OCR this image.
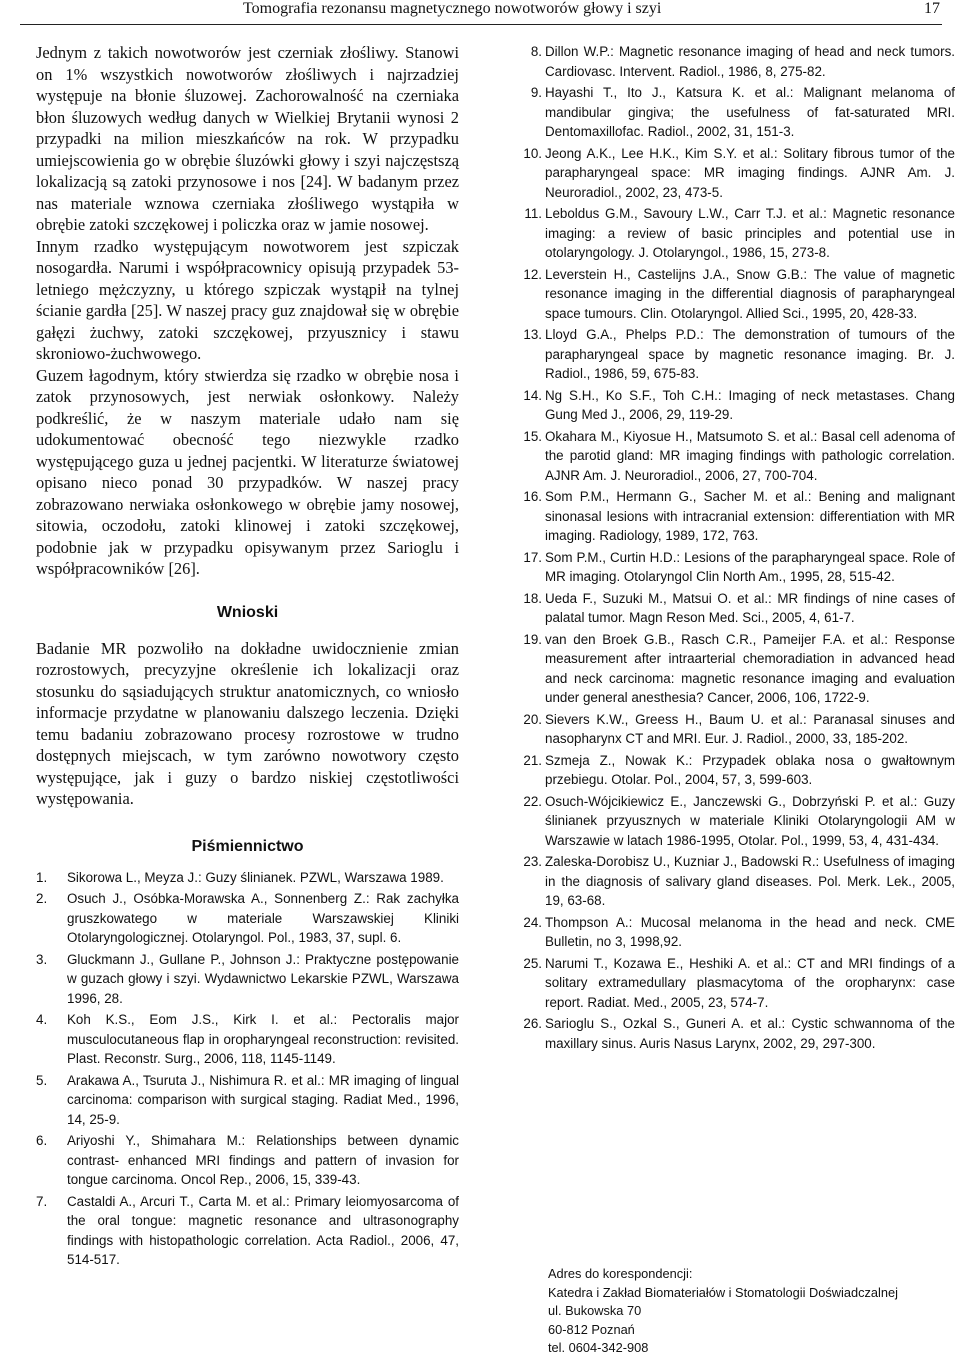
Tomografia rezonansu magnetycznego nowotworów głowy i szyi	17

Jednym z takich nowotworów jest czerniak złośliwy. Stanowi on 1% wszystkich nowotworów złośliwych i najrzadziej występuje na błonie śluzowej. Zachorowalność na czerniaka błon śluzowych według danych w Wielkiej Brytanii wynosi 2 przypadki na milion mieszkańców na rok. W przypadku umiejscowienia go w obrębie śluzówki głowy i szyi najczęstszą lokalizacją są zatoki przynosowe i nos [24]. W badanym przez nas materiale wznowa czerniaka złośliwego wystąpiła w obrębie zatoki szczękowej i policzka oraz w jamie nosowej.

Innym rzadko występującym nowotworem jest szpiczak nosogardła. Narumi i współpracownicy opisują przypadek 53-letniego mężczyzny, u którego szpiczak wystąpił na tylnej ścianie gardła [25]. W naszej pracy guz znajdował się w obrębie gałęzi żuchwy, zatoki szczękowej, przyusznicy i stawu skroniowo-żuchwowego.

Guzem łagodnym, który stwierdza się rzadko w obrębie nosa i zatok przynosowych, jest nerwiak osłonkowy. Należy podkreślić, że w naszym materiale udało nam się udokumentować obecność tego niezwykle rzadko występującego guza u jednej pacjentki. W literaturze światowej opisano nieco ponad 30 przypadków. W naszej pracy zobrazowano nerwiaka osłonkowego w obrębie jamy nosowej, sitowia, oczodołu, zatoki klinowej i zatoki szczękowej, podobnie jak w przypadku opisywanym przez Sarioglu i współpracowników [26].

Wnioski

Badanie MR pozwoliło na dokładne uwidocznienie zmian rozrostowych, precyzyjne określenie ich lokalizacji oraz stosunku do sąsiadujących struktur anatomicznych, co wniosło informacje przydatne w planowaniu dalszego leczenia. Dzięki temu badaniu zobrazowano procesy rozrostowe w trudno dostępnych miejscach, w tym zarówno nowotwory często występujące, jak i guzy o bardzo niskiej częstotliwości występowania.

Piśmiennictwo
1.	Sikorowa L., Meyza J.: Guzy ślinianek. PZWL, Warszawa 1989.
2.	Osuch J., Osóbka-Morawska A., Sonnenberg Z.: Rak zachyłka gruszkowatego w materiale Warszawskiej Kliniki Otolaryngologicznej. Otolaryngol. Pol., 1983, 37, supl. 6.
3.	Gluckmann J., Gullane P., Johnson J.: Praktyczne postępowanie w guzach głowy i szyi. Wydawnictwo Lekarskie PZWL, Warszawa 1996, 28.
4.	Koh K.S., Eom J.S., Kirk I. et al.: Pectoralis major musculocutaneous flap in oropharyngeal reconstruction: revisited. Plast. Reconstr. Surg., 2006, 118, 1145-1149.
5.	Arakawa A., Tsuruta J., Nishimura R. et al.: MR imaging of lingual carcinoma: comparison with surgical staging. Radiat Med., 1996, 14, 25-9.
6.	Ariyoshi Y., Shimahara M.: Relationships between dynamic contrast- enhanced MRI findings and pattern of invasion for tongue carcinoma. Oncol Rep., 2006, 15, 339-43.
7.	Castaldi A., Arcuri T., Carta M. et al.: Primary leiomyosarcoma of the oral tongue: magnetic resonance and ultrasonography findings with histopathologic correlation. Acta Radiol., 2006, 47, 514-517.
8. Dillon W.P.: Magnetic resonance imaging of head and neck tumors. Cardiovasc. Intervent. Radiol., 1986, 8, 275-82.
9. Hayashi T., Ito J., Katsura K. et al.: Malignant melanoma of mandibular gingiva; the usefulness of fat-saturated MRI. Dentomaxillofac. Radiol., 2002, 31, 151-3.
10. Jeong A.K., Lee H.K., Kim S.Y. et al.: Solitary fibrous tumor of the parapharyngeal space: MR imaging findings. AJNR Am. J. Neuroradiol., 2002, 23, 473-5.
11. Leboldus G.M., Savoury L.W., Carr T.J. et al.: Magnetic resonance imaging: a review of basic principles and potential use in otolaryngology. J. Otolaryngol., 1986, 15, 273-8.
12. Leverstein H., Castelijns J.A., Snow G.B.: The value of magnetic resonance imaging in the differential diagnosis of parapharyngeal space tumours. Clin. Otolaryngol. Allied Sci., 1995, 20, 428-33.
13. Lloyd G.A., Phelps P.D.: The demonstration of tumours of the parapharyngeal space by magnetic resonance imaging. Br. J. Radiol., 1986, 59, 675-83.
14. Ng S.H., Ko S.F., Toh C.H.: Imaging of neck metastases. Chang Gung Med J., 2006, 29, 119-29.
15. Okahara M., Kiyosue H., Matsumoto S. et al.: Basal cell adenoma of the parotid gland: MR imaging findings with pathologic correlation. AJNR Am. J. Neuroradiol., 2006, 27, 700-704.
16. Som P.M., Hermann G., Sacher M. et al.: Bening and malignant sinonasal lesions with intracranial extension: differentiation with MR imaging. Radiology, 1989, 172, 763.
17. Som P.M., Curtin H.D.: Lesions of the parapharyngeal space. Role of MR imaging. Otolaryngol Clin North Am., 1995, 28, 515-42.
18. Ueda F., Suzuki M., Matsui O. et al.: MR findings of nine cases of palatal tumor. Magn Reson Med. Sci., 2005, 4, 61-7.
19. van den Broek G.B., Rasch C.R., Pameijer F.A. et al.: Response measurement after intraarterial chemoradiation in advanced head and neck carcinoma: magnetic resonance imaging and evaluation under general anesthesia? Cancer, 2006, 106, 1722-9.
20. Sievers K.W., Greess H., Baum U. et al.: Paranasal sinuses and nasopharynx CT and MRI. Eur. J. Radiol., 2000, 33, 185-202.
21. Szmeja Z., Nowak K.: Przypadek oblaka nosa o gwałtownym przebiegu. Otolar. Pol., 2004, 57, 3, 599-603.
22. Osuch-Wójcikiewicz E., Janczewski G., Dobrzyński P. et al.: Guzy ślinianek przyusznych w materiale Kliniki Otolaryngologii AM w Warszawie w latach 1986-1995, Otolar. Pol., 1999, 53, 4, 431-434.
23. Zaleska-Dorobisz U., Kuzniar J., Badowski R.: Usefulness of imaging in the diagnosis of salivary gland diseases. Pol. Merk. Lek., 2005, 19, 63-68.
24. Thompson A.: Mucosal melanoma in the head and neck. CME Bulletin, no 3, 1998,92.
25. Narumi T., Kozawa E., Heshiki A. et al.: CT and MRI findings of a solitary extramedullary plasmacytoma of the oropharynx: case report. Radiat. Med., 2005, 23, 574-7.
26. Sarioglu S., Ozkal S., Guneri A. et al.: Cystic schwannoma of the maxillary sinus. Auris Nasus Larynx, 2002, 29, 297-300.
Adres do korespondencji:
Katedra i Zakład Biomateriałów i Stomatologii Doświadczalnej
ul. Bukowska 70
60-812 Poznań
tel. 0604-342-908
